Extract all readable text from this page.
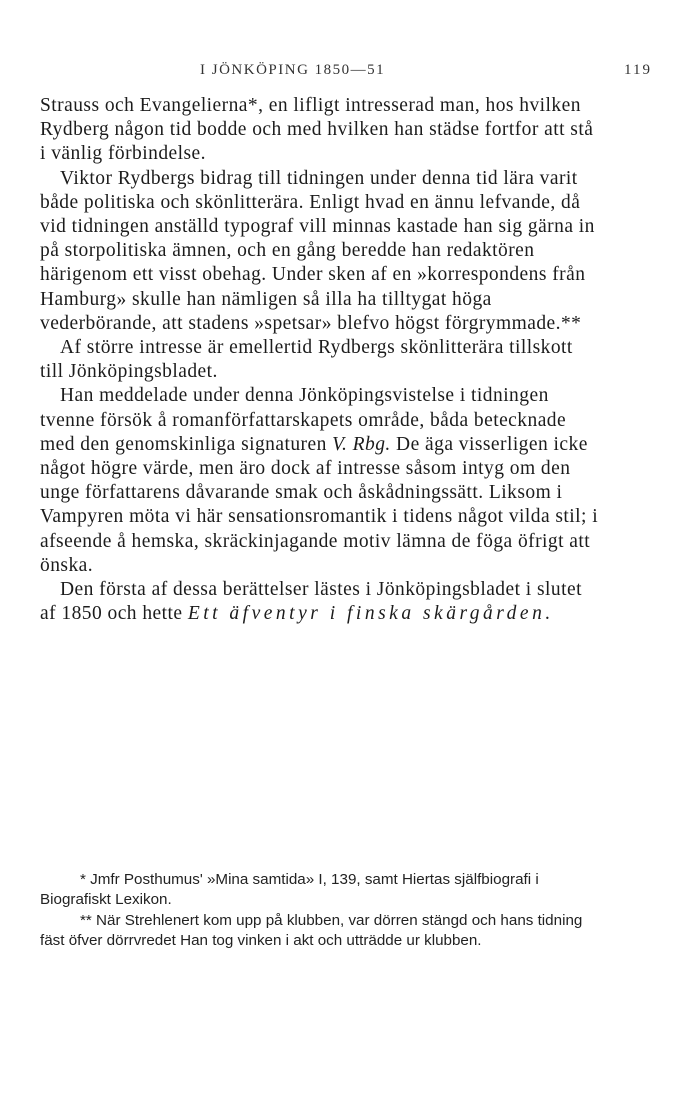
I JÖNKÖPING 1850—51	119

Strauss och Evangelierna*, en lifligt intresserad man, hos hvilken Rydberg någon tid bodde och med hvilken han städse fortfor att stå i vänlig förbindelse.

Viktor Rydbergs bidrag till tidningen under denna tid lära varit både politiska och skönlitterära. Enligt hvad en ännu lefvande, då vid tidningen anställd typograf vill minnas kastade han sig gärna in på storpolitiska ämnen, och en gång beredde han redaktören härigenom ett visst obehag. Under sken af en »korrespondens från Hamburg» skulle han nämligen så illa ha tilltygat höga vederbörande, att stadens »spetsar» blefvo högst förgrymmade.**

Af större intresse är emellertid Rydbergs skönlitterära tillskott till Jönköpingsbladet.

Han meddelade under denna Jönköpingsvistelse i tidningen tvenne försök å romanförfattarskapets område, båda betecknade med den genomskinliga signaturen V. Rbg. De äga visserligen icke något högre värde, men äro dock af intresse såsom intyg om den unge författarens dåvarande smak och åskådningssätt. Liksom i Vampyren möta vi här sensationsromantik i tidens något vilda stil; i afseende å hemska, skräckinjagande motiv lämna de föga öfrigt att önska.

Den första af dessa berättelser lästes i Jönköpingsbladet i slutet af 1850 och hette Ett äfventyr i finska skärgården.

* Jmfr Posthumus' »Mina samtida» I, 139, samt Hiertas själfbiografi i Biografiskt Lexikon.

** När Strehlenert kom upp på klubben, var dörren stängd och hans tidning fäst öfver dörrvredet Han tog vinken i akt och utträdde ur klubben.
